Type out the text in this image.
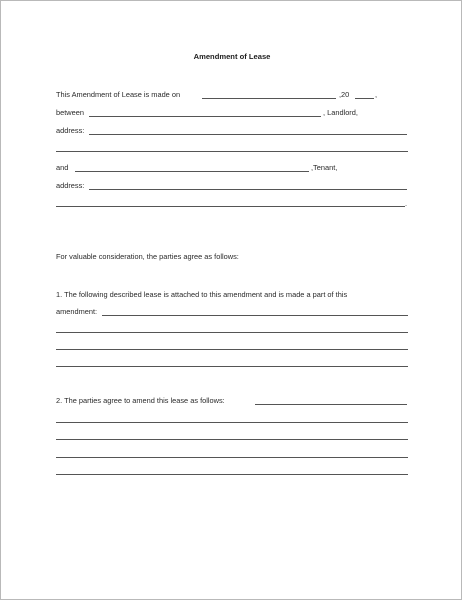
Amendment of Lease
This Amendment of Lease is made on	,20	,
between	, Landlord,
address:
and	,Tenant,
address:
.
For valuable consideration, the parties agree as follows:
1. The following described lease is attached to this amendment and is made a part of this
amendment:
2. The parties agree to amend this lease as follows:
